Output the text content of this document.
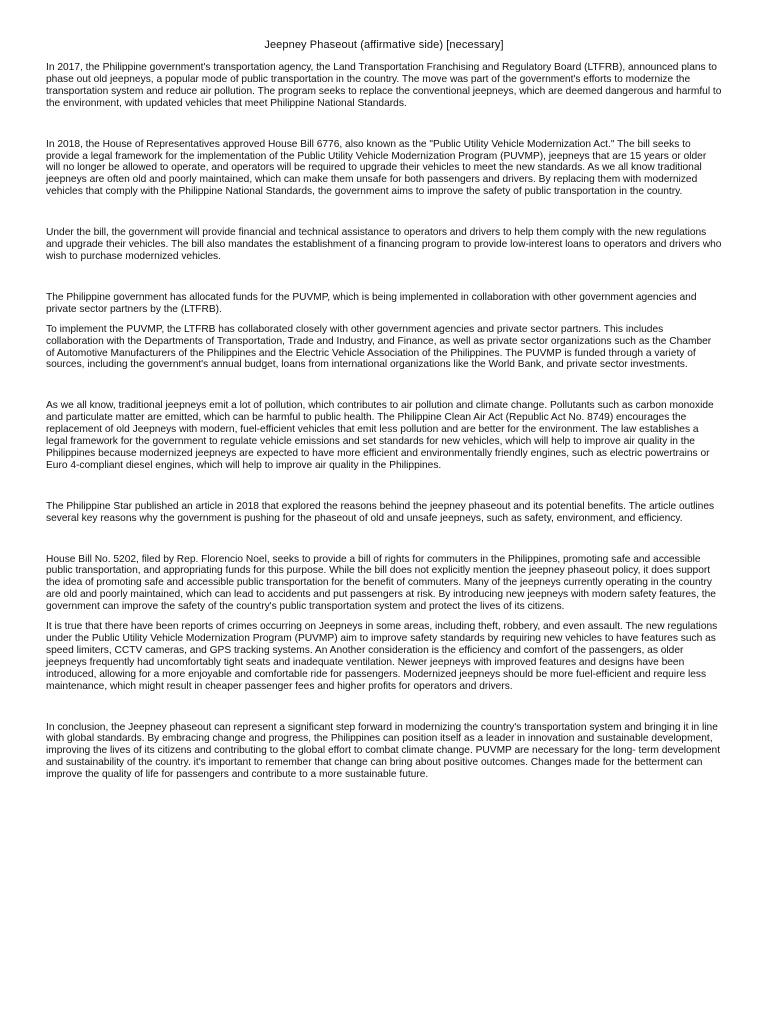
Jeepney Phaseout (affirmative side) [necessary]

In 2017, the Philippine government's transportation agency, the Land Transportation Franchising and Regulatory Board (LTFRB), announced plans to phase out old jeepneys, a popular mode of public transportation in the country. The move was part of the government's efforts to modernize the transportation system and reduce air pollution. The program seeks to replace the conventional jeepneys, which are deemed dangerous and harmful to the environment, with updated vehicles that meet Philippine National Standards.

In 2018, the House of Representatives approved House Bill 6776, also known as the "Public Utility Vehicle Modernization Act." The bill seeks to provide a legal framework for the implementation of the Public Utility Vehicle Modernization Program (PUVMP), jeepneys that are 15 years or older will no longer be allowed to operate, and operators will be required to upgrade their vehicles to meet the new standards. As we all know traditional jeepneys are often old and poorly maintained, which can make them unsafe for both passengers and drivers. By replacing them with modernized vehicles that comply with the Philippine National Standards, the government aims to improve the safety of public transportation in the country.

Under the bill, the government will provide financial and technical assistance to operators and drivers to help them comply with the new regulations and upgrade their vehicles. The bill also mandates the establishment of a financing program to provide low-interest loans to operators and drivers who wish to purchase modernized vehicles.

The Philippine government has allocated funds for the PUVMP, which is being implemented in collaboration with other government agencies and private sector partners by the (LTFRB).

To implement the PUVMP, the LTFRB has collaborated closely with other government agencies and private sector partners. This includes collaboration with the Departments of Transportation, Trade and Industry, and Finance, as well as private sector organizations such as the Chamber of Automotive Manufacturers of the Philippines and the Electric Vehicle Association of the Philippines. The PUVMP is funded through a variety of sources, including the government's annual budget, loans from international organizations like the World Bank, and private sector investments.

As we all know, traditional jeepneys emit a lot of pollution, which contributes to air pollution and climate change. Pollutants such as carbon monoxide and particulate matter are emitted, which can be harmful to public health. The Philippine Clean Air Act (Republic Act No. 8749) encourages the replacement of old Jeepneys with modern, fuel-efficient vehicles that emit less pollution and are better for the environment. The law establishes a legal framework for the government to regulate vehicle emissions and set standards for new vehicles, which will help to improve air quality in the Philippines because modernized jeepneys are expected to have more efficient and environmentally friendly engines, such as electric powertrains or Euro 4-compliant diesel engines, which will help to improve air quality in the Philippines.

The Philippine Star published an article in 2018 that explored the reasons behind the jeepney phaseout and its potential benefits. The article outlines several key reasons why the government is pushing for the phaseout of old and unsafe jeepneys, such as safety, environment, and efficiency.

House Bill No. 5202, filed by Rep. Florencio Noel, seeks to provide a bill of rights for commuters in the Philippines, promoting safe and accessible public transportation, and appropriating funds for this purpose. While the bill does not explicitly mention the jeepney phaseout policy, it does support the idea of promoting safe and accessible public transportation for the benefit of commuters. Many of the jeepneys currently operating in the country are old and poorly maintained, which can lead to accidents and put passengers at risk. By introducing new jeepneys with modern safety features, the government can improve the safety of the country's public transportation system and protect the lives of its citizens.

It is true that there have been reports of crimes occurring on Jeepneys in some areas, including theft, robbery, and even assault. The new regulations under the Public Utility Vehicle Modernization Program (PUVMP) aim to improve safety standards by requiring new vehicles to have features such as speed limiters, CCTV cameras, and GPS tracking systems. An Another consideration is the efficiency and comfort of the passengers, as older jeepneys frequently had uncomfortably tight seats and inadequate ventilation. Newer jeepneys with improved features and designs have been introduced, allowing for a more enjoyable and comfortable ride for passengers. Modernized jeepneys should be more fuel-efficient and require less maintenance, which might result in cheaper passenger fees and higher profits for operators and drivers.

In conclusion, the Jeepney phaseout can represent a significant step forward in modernizing the country's transportation system and bringing it in line with global standards. By embracing change and progress, the Philippines can position itself as a leader in innovation and sustainable development, improving the lives of its citizens and contributing to the global effort to combat climate change. PUVMP are necessary for the long- term development and sustainability of the country. it's important to remember that change can bring about positive outcomes. Changes made for the betterment can improve the quality of life for passengers and contribute to a more sustainable future.
